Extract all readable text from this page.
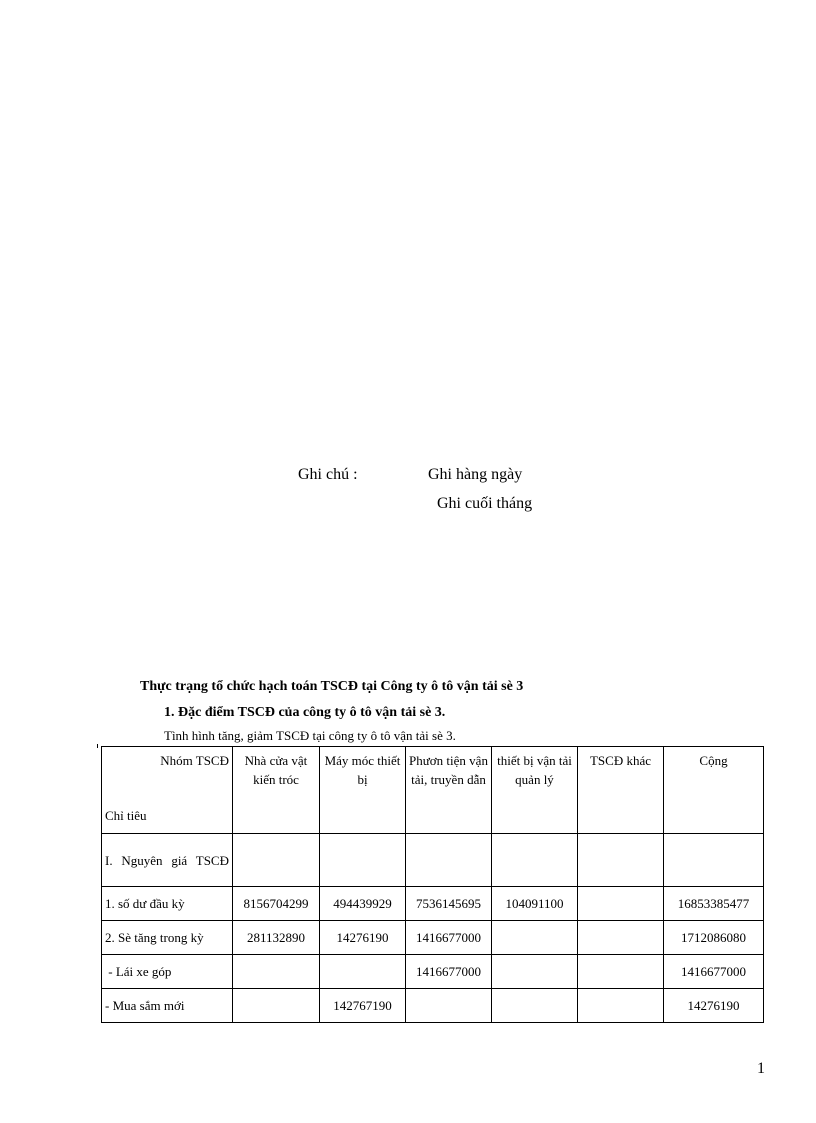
Ghi chú :	Ghi hàng ngày
Ghi cuối tháng
Thực trạng tổ chức hạch toán TSCĐ tại Công ty ô tô vận tải sè 3
1. Đặc điểm TSCĐ của công ty ô tô vận tải sè 3.
Tình hình tăng, giảm TSCĐ tại công ty ô tô vận tải sè 3.
Nhóm TSCĐ
Chỉ tiêu	Nhà cửa vật kiến tróc	Máy móc thiết bị	Phươn tiện vận tải, truyền dẫn	thiết bị vận tải quản lý	TSCĐ khác	Cộng
I. Nguyên giá TSCĐ						
1. số dư đầu kỳ	8156704299	494439929	7536145695	104091100		16853385477
2. Sè tăng trong kỳ	281132890	14276190	1416677000			1712086080
- Lái xe góp			1416677000			1416677000
- Mua sắm mới		142767190				14276190
1
